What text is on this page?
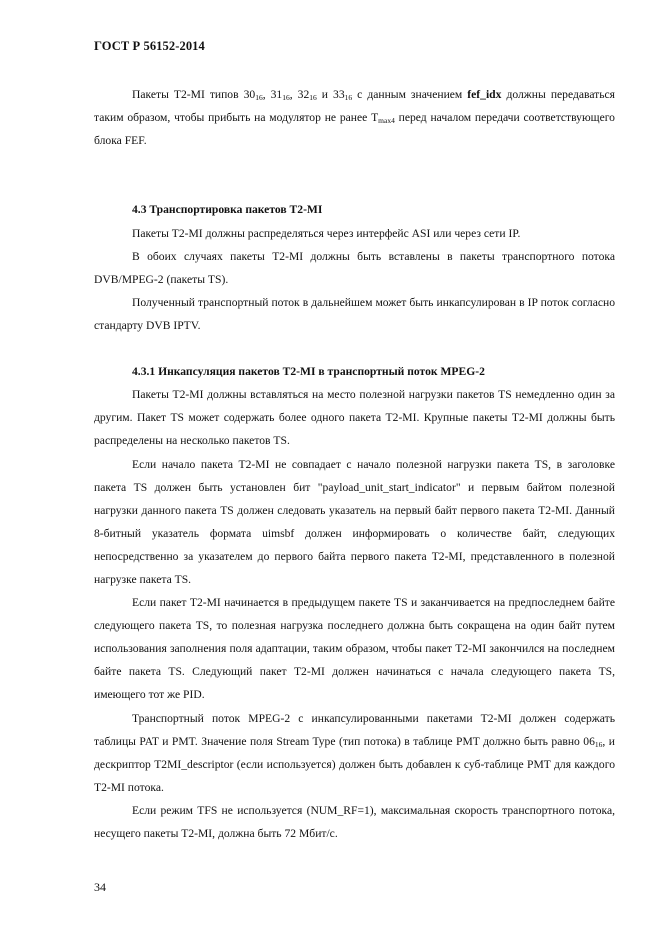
ГОСТ Р 56152-2014

Пакеты Т2-MI типов $30_{16}$, $31_{16}$, $32_{16}$ и $33_{16}$ с данным значением fef_idx должны передаваться таким образом, чтобы прибыть на модулятор не ранее $T_{max4}$ перед началом передачи соответствующего блока FEF.

4.3 Транспортировка пакетов Т2-MI

Пакеты Т2-MI должны распределяться через интерфейс ASI или через сети IP.

В обоих случаях пакеты Т2-MI должны быть вставлены в пакеты транспортного потока DVB/MPEG-2 (пакеты TS).

Полученный транспортный поток в дальнейшем может быть инкапсулирован в IP поток согласно стандарту DVB IPTV.

4.3.1 Инкапсуляция пакетов Т2-MI в транспортный поток MPEG-2

Пакеты Т2-MI должны вставляться на место полезной нагрузки пакетов TS немедленно один за другим. Пакет TS может содержать более одного пакета Т2-MI. Крупные пакеты Т2-MI должны быть распределены на несколько пакетов TS.

Если начало пакета Т2-MI не совпадает с начало полезной нагрузки пакета TS, в заголовке пакета TS должен быть установлен бит "payload_unit_start_indicator" и первым байтом полезной нагрузки данного пакета TS должен следовать указатель на первый байт первого пакета Т2-MI. Данный 8-битный указатель формата uimsbf должен информировать о количестве байт, следующих непосредственно за указателем до первого байта первого пакета Т2-MI, представленного в полезной нагрузке пакета TS.

Если пакет Т2-MI начинается в предыдущем пакете TS и заканчивается на предпоследнем байте следующего пакета TS, то полезная нагрузка последнего должна быть сокращена на один байт путем использования заполнения поля адаптации, таким образом, чтобы пакет Т2-MI закончился на последнем байте пакета TS. Следующий пакет Т2-MI должен начинаться с начала следующего пакета TS, имеющего тот же PID.

Транспортный поток MPEG-2 с инкапсулированными пакетами Т2-MI должен содержать таблицы PAT и PMT. Значение поля Stream Type (тип потока) в таблице PMT должно быть равно $06_{16}$, и дескриптор T2MI_descriptor (если используется) должен быть добавлен к суб-таблице PMT для каждого Т2-MI потока.

Если режим TFS не используется (NUM_RF=1), максимальная скорость транспортного потока, несущего пакеты Т2-MI, должна быть 72 Мбит/с.

34
